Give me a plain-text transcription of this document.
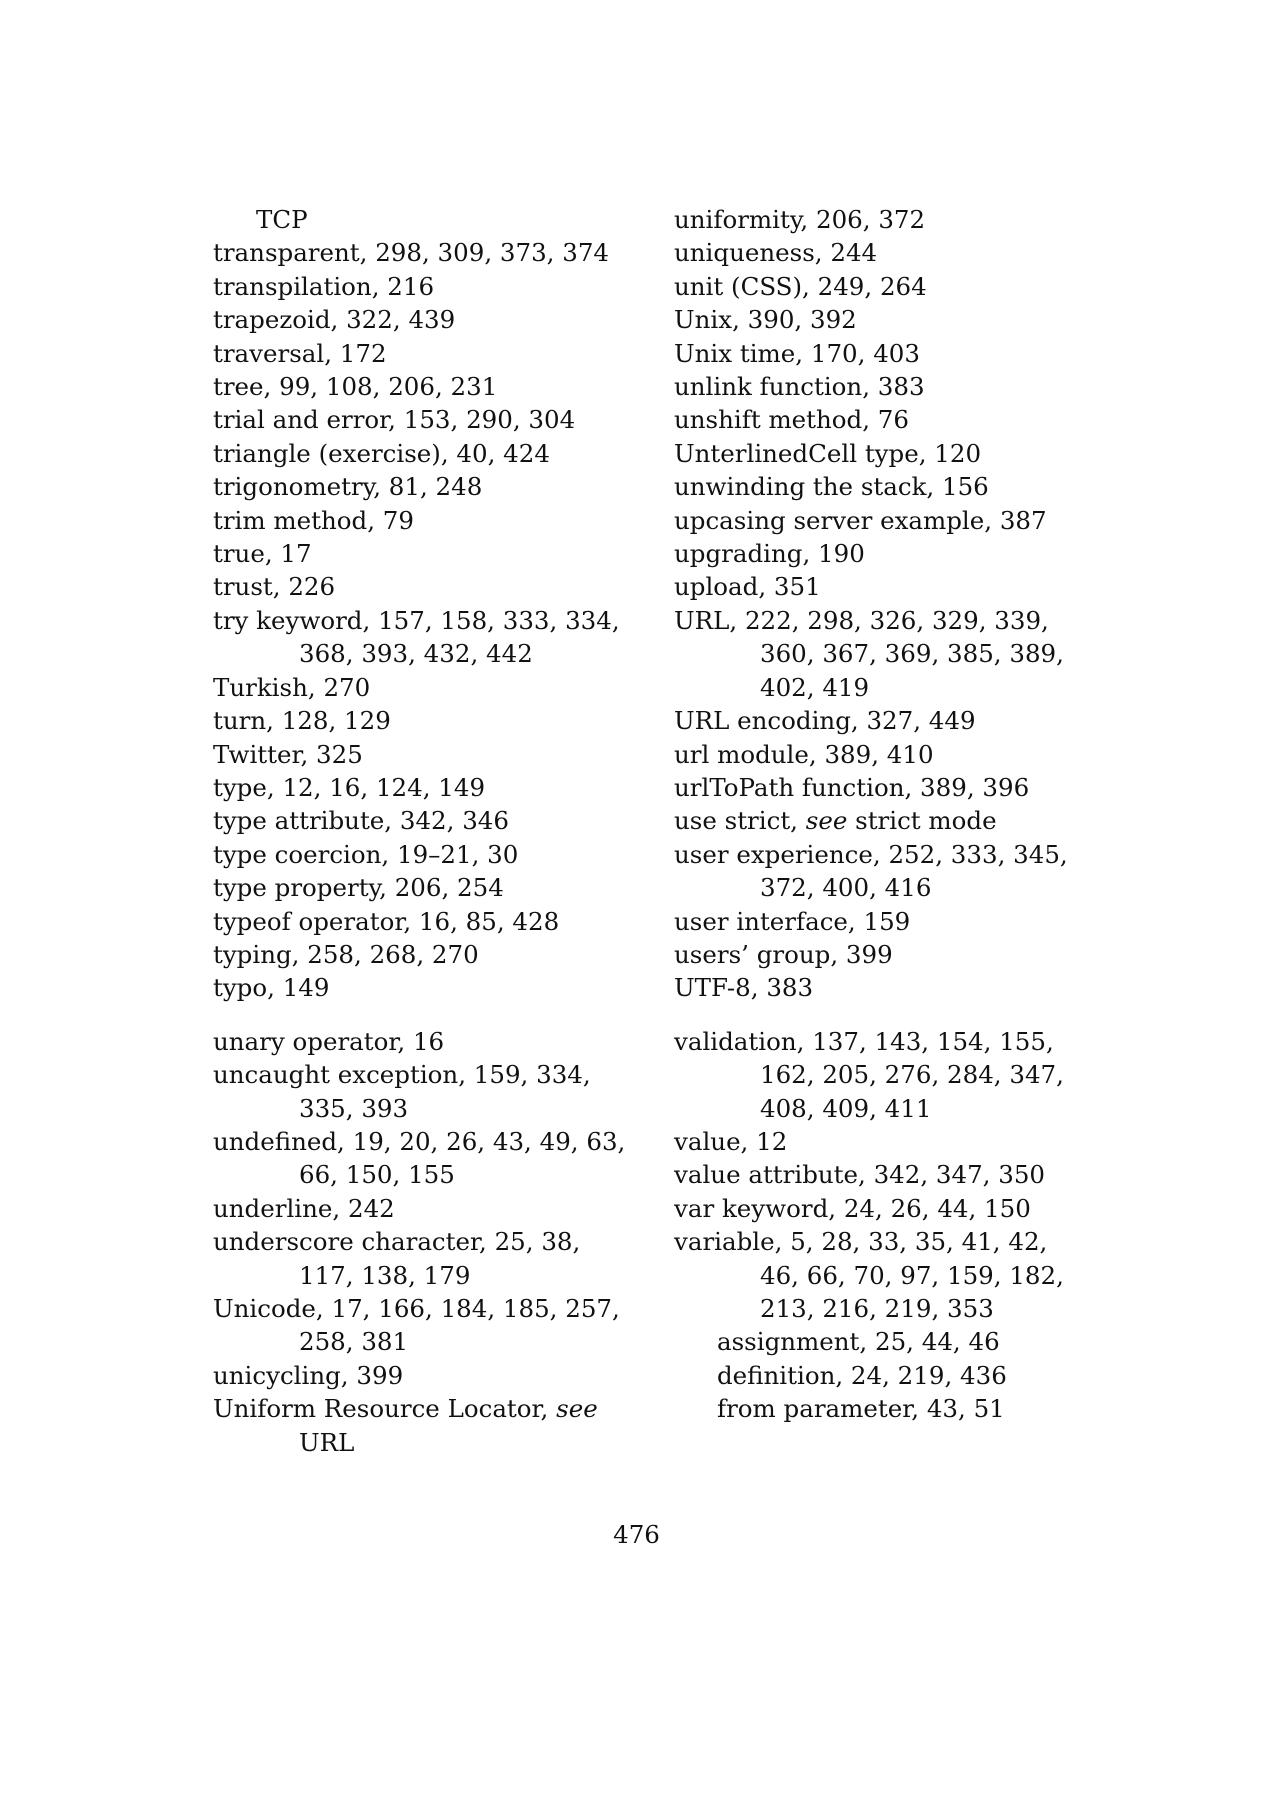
TCP
transparent, 298, 309, 373, 374
transpilation, 216
trapezoid, 322, 439
traversal, 172
tree, 99, 108, 206, 231
trial and error, 153, 290, 304
triangle (exercise), 40, 424
trigonometry, 81, 248
trim method, 79
true, 17
trust, 226
try keyword, 157, 158, 333, 334, 368, 393, 432, 442
Turkish, 270
turn, 128, 129
Twitter, 325
type, 12, 16, 124, 149
type attribute, 342, 346
type coercion, 19–21, 30
type property, 206, 254
typeof operator, 16, 85, 428
typing, 258, 268, 270
typo, 149
unary operator, 16
uncaught exception, 159, 334, 335, 393
undefined, 19, 20, 26, 43, 49, 63, 66, 150, 155
underline, 242
underscore character, 25, 38, 117, 138, 179
Unicode, 17, 166, 184, 185, 257, 258, 381
unicycling, 399
Uniform Resource Locator, see URL
uniformity, 206, 372
uniqueness, 244
unit (CSS), 249, 264
Unix, 390, 392
Unix time, 170, 403
unlink function, 383
unshift method, 76
UnterlinedCell type, 120
unwinding the stack, 156
upcasing server example, 387
upgrading, 190
upload, 351
URL, 222, 298, 326, 329, 339, 360, 367, 369, 385, 389, 402, 419
URL encoding, 327, 449
url module, 389, 410
urlToPath function, 389, 396
use strict, see strict mode
user experience, 252, 333, 345, 372, 400, 416
user interface, 159
users’ group, 399
UTF-8, 383
validation, 137, 143, 154, 155, 162, 205, 276, 284, 347, 408, 409, 411
value, 12
value attribute, 342, 347, 350
var keyword, 24, 26, 44, 150
variable, 5, 28, 33, 35, 41, 42, 46, 66, 70, 97, 159, 182, 213, 216, 219, 353
assignment, 25, 44, 46
definition, 24, 219, 436
from parameter, 43, 51
476
